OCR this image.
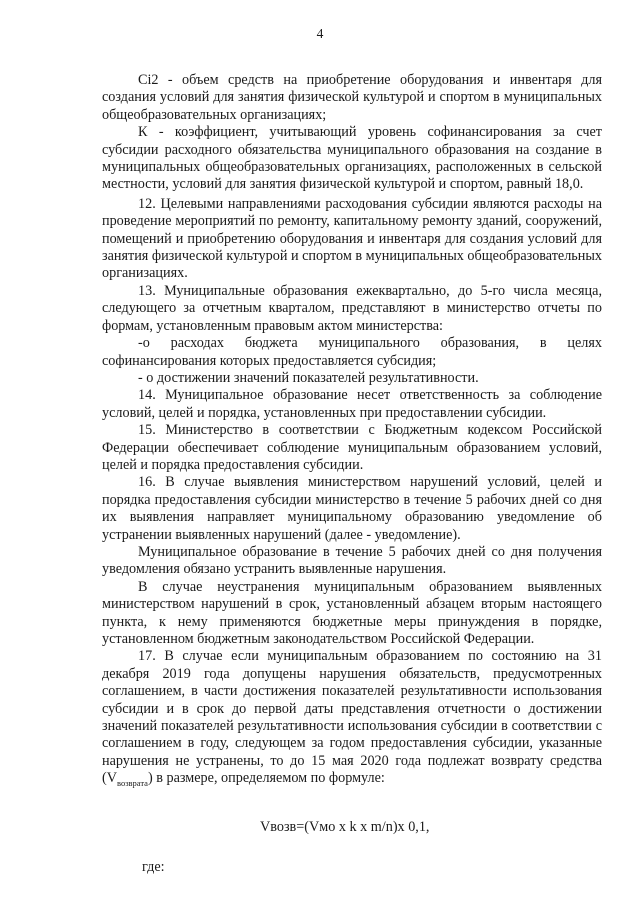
4

Ci2 - объем средств на приобретение оборудования и инвентаря для создания условий для занятия физической культурой и спортом в муниципальных общеобразовательных организациях;

К - коэффициент, учитывающий уровень софинансирования за счет субсидии расходного обязательства муниципального образования на создание в муниципальных общеобразовательных организациях, расположенных в сельской местности, условий для занятия физической культурой и спортом, равный 18,0.

12. Целевыми направлениями расходования субсидии являются расходы на проведение мероприятий по ремонту, капитальному ремонту зданий, сооружений, помещений и приобретению оборудования и инвентаря для создания условий для занятия физической культурой и спортом в муниципальных общеобразовательных организациях.

13. Муниципальные образования ежеквартально, до 5-го числа месяца, следующего за отчетным кварталом, представляют в министерство отчеты по формам, установленным правовым актом министерства:

-о расходах бюджета муниципального образования, в целях софинансирования которых предоставляется субсидия;

- о достижении значений показателей результативности.

14. Муниципальное образование несет ответственность за соблюдение условий, целей и порядка, установленных при предоставлении субсидии.

15. Министерство в соответствии с Бюджетным кодексом Российской Федерации обеспечивает соблюдение муниципальным образованием условий, целей и порядка предоставления субсидии.

16. В случае выявления министерством нарушений условий, целей и порядка предоставления субсидии министерство в течение 5 рабочих дней со дня их выявления направляет муниципальному образованию уведомление об устранении выявленных нарушений (далее - уведомление).

Муниципальное образование в течение 5 рабочих дней со дня получения уведомления обязано устранить выявленные нарушения.

В случае неустранения муниципальным образованием выявленных министерством нарушений в срок, установленный абзацем вторым настоящего пункта, к нему применяются бюджетные меры принуждения в порядке, установленном бюджетным законодательством Российской Федерации.

17. В случае если муниципальным образованием по состоянию на 31 декабря 2019 года допущены нарушения обязательств, предусмотренных соглашением, в части достижения показателей результативности использования субсидии и в срок до первой даты представления отчетности о достижении значений показателей результативности использования субсидии в соответствии с соглашением в году, следующем за годом предоставления субсидии, указанные нарушения не устранены, то до 15 мая 2020 года подлежат возврату средства $(V_{возврата})$ в размере, определяемом по формуле:

Vвозв=(Vмо x k x m/n)x 0,1,
где:
